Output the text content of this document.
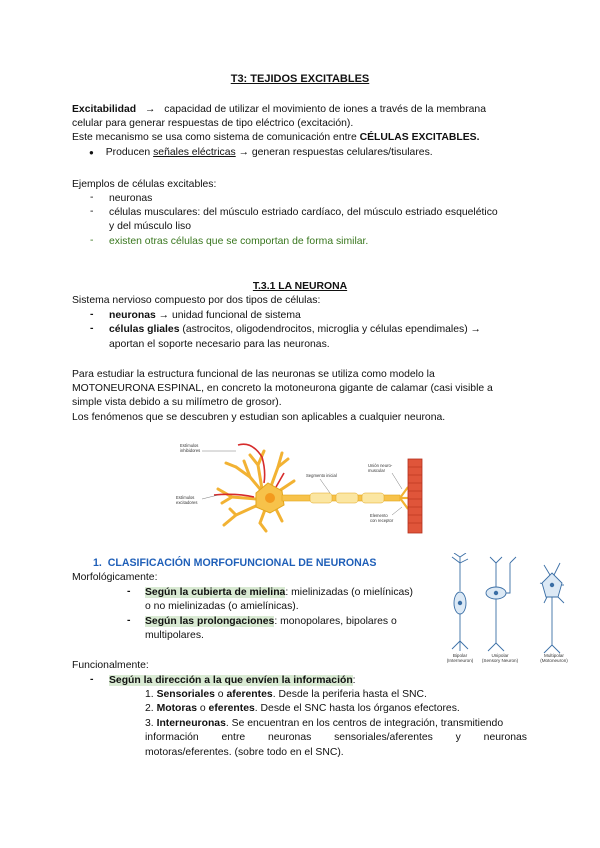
T3: TEJIDOS EXCITABLES
Excitabilidad → capacidad de utilizar el movimiento de iones a través de la membrana
celular para generar respuestas de tipo eléctrico (excitación).
Este mecanismo se usa como sistema de comunicación entre CÉLULAS EXCITABLES.
● Producen señales eléctricas → generan respuestas celulares/tisulares.
Ejemplos de células excitables:
- neuronas
- células musculares: del músculo estriado cardíaco, del músculo estriado esquelético
y del músculo liso
- existen otras células que se comportan de forma similar.
T.3.1 LA NEURONA
Sistema nervioso compuesto por dos tipos de células:
- neuronas → unidad funcional de sistema
- células gliales (astrocitos, oligodendrocitos, microglia y células ependimales) →
aportan el soporte necesario para las neuronas.
Para estudiar la estructura funcional de las neuronas se utiliza como modelo la
MOTONEURONA ESPINAL, en concreto la motoneurona gigante de calamar (casi visible a
simple vista debido a su milímetro de grosor).
Los fenómenos que se descubren y estudian son aplicables a cualquier neurona.
Estímulos
inhibidores
Estímulos
excitadores
Segmento inicial
Unión neuro-
muscular
Elemento
con receptor
1.  CLASIFICACIÓN MORFOFUNCIONAL DE NEURONAS
Morfológicamente:
- Según la cubierta de mielina: mielinizadas (o mielínicas)
o no mielinizadas (o amielínicas).
- Según las prolongaciones: monopolares, bipolares o
multipolares.
Bipolar
(Interneuron)
Unipolar
(Sensory Neuron)
Multipolar
(Motoneuron)
Funcionalmente:
- Según la dirección a la que envíen la información:
1. Sensoriales o aferentes. Desde la periferia hasta el SNC.
2. Motoras o eferentes. Desde el SNC hasta los órganos efectores.
3. Interneuronas. Se encuentran en los centros de integración, transmitiendo
información entre neuronas sensoriales/aferentes y neuronas
motoras/eferentes. (sobre todo en el SNC).
